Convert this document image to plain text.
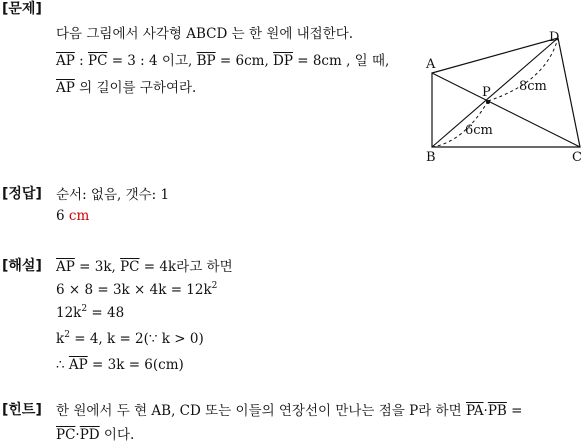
[문제]
[정답]
[해설]
[힌트]
다음 그림에서 사각형 ABCD 는 한 원에 내접한다.
$\overline{AP}$ : $\overline{PC} = 3$ : 4 이고, $\overline{BP} = 6cm$, $\overline{DP} = 8cm$ , 일 때,
$\overline{AP}$ 의 길이를 구하여라.
A
B	C
D
P 8cm
6cm
순서: 없음, 갯수: 1
6 cm
$\overline{AP} = 3k$, $\overline{PC} = 4k$라고 하면
$6 \times 8 = 3k \times 4k = 12k^2$
$12k^2 = 48$
$k^2 = 4$, k = 2(∵ k > 0)
∴ $\overline{AP} = 3k = 6(cm)$
한 원에서 두 현 AB, CD 또는 이들의 연장선이 만나는 점을 P라 하면 $\overline{PA}\cdot\overline{PB}$ =
$\overline{PC}\cdot\overline{PD}$ 이다.
